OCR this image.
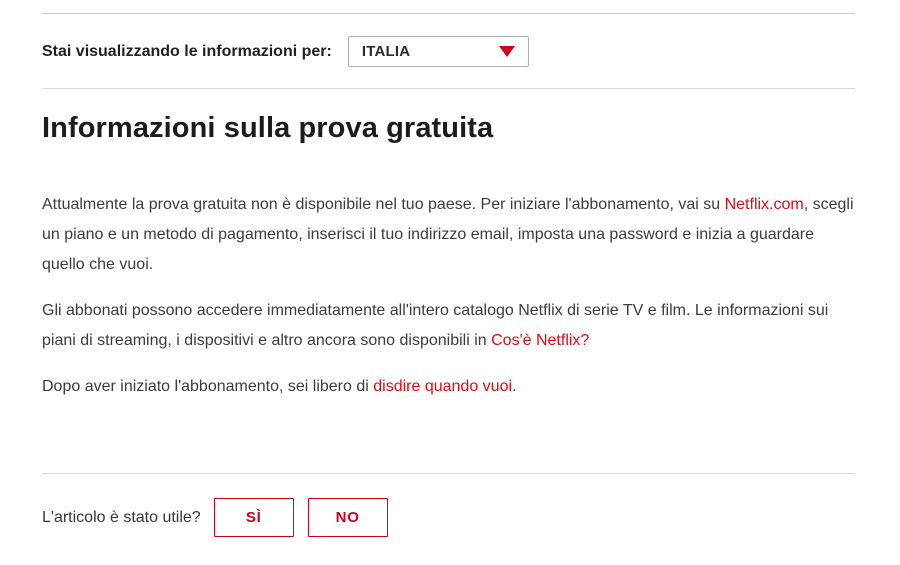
Stai visualizzando le informazioni per: ITALIA
Informazioni sulla prova gratuita

Attualmente la prova gratuita non è disponibile nel tuo paese. Per iniziare l'abbonamento, vai su Netflix.com, scegli un piano e un metodo di pagamento, inserisci il tuo indirizzo email, imposta una password e inizia a guardare quello che vuoi.

Gli abbonati possono accedere immediatamente all'intero catalogo Netflix di serie TV e film. Le informazioni sui piani di streaming, i dispositivi e altro ancora sono disponibili in Cos'è Netflix?

Dopo aver iniziato l'abbonamento, sei libero di disdire quando vuoi.

L'articolo è stato utile?	SÌ	NO
